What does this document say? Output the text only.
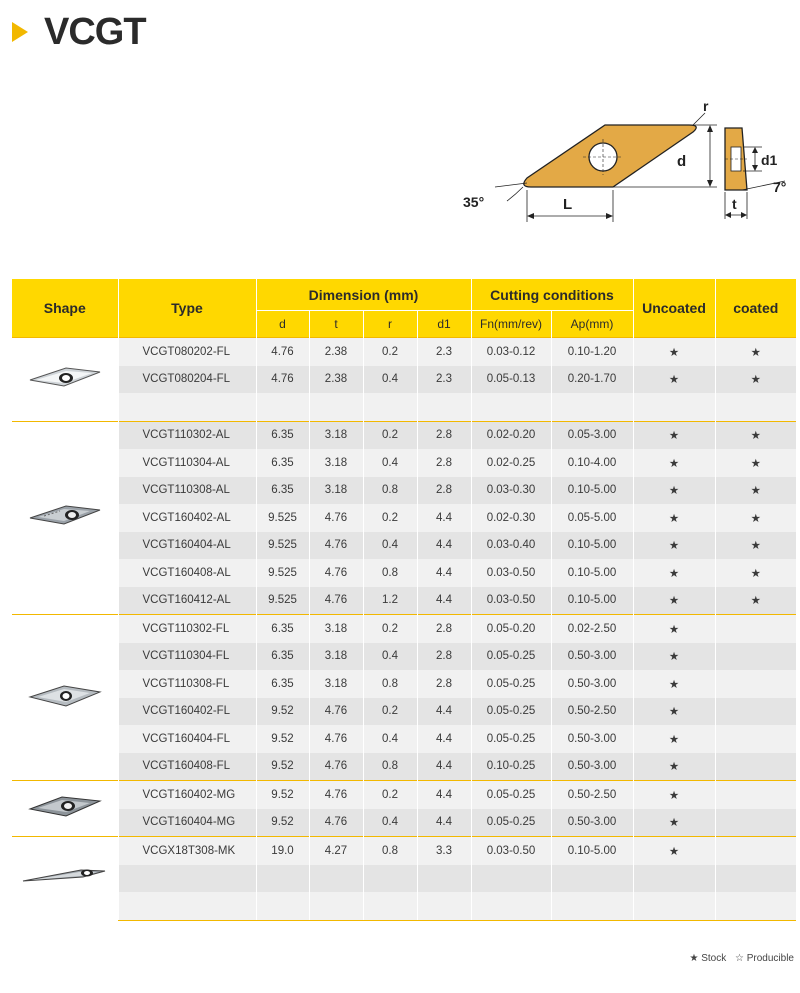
VCGT
d
r
L
35°
d1
7°
t
Shape	Type	Dimension (mm)				Cutting conditions		Uncoated	coated
		d	t	r	d1	Fn(mm/rev)	Ap(mm)		
	VCGT080202-FL	4.76	2.38	0.2	2.3	0.03-0.12	0.10-1.20	★	★
	VCGT080204-FL	4.76	2.38	0.4	2.3	0.05-0.13	0.20-1.70	★	★

	VCGT110302-AL	6.35	3.18	0.2	2.8	0.02-0.20	0.05-3.00	★	★
	VCGT110304-AL	6.35	3.18	0.4	2.8	0.02-0.25	0.10-4.00	★	★
	VCGT110308-AL	6.35	3.18	0.8	2.8	0.03-0.30	0.10-5.00	★	★
	VCGT160402-AL	9.525	4.76	0.2	4.4	0.02-0.30	0.05-5.00	★	★
	VCGT160404-AL	9.525	4.76	0.4	4.4	0.03-0.40	0.10-5.00	★	★
	VCGT160408-AL	9.525	4.76	0.8	4.4	0.03-0.50	0.10-5.00	★	★
	VCGT160412-AL	9.525	4.76	1.2	4.4	0.03-0.50	0.10-5.00	★	★
	VCGT110302-FL	6.35	3.18	0.2	2.8	0.05-0.20	0.02-2.50	★	
	VCGT110304-FL	6.35	3.18	0.4	2.8	0.05-0.25	0.50-3.00	★	
	VCGT110308-FL	6.35	3.18	0.8	2.8	0.05-0.25	0.50-3.00	★	
	VCGT160402-FL	9.52	4.76	0.2	4.4	0.05-0.25	0.50-2.50	★	
	VCGT160404-FL	9.52	4.76	0.4	4.4	0.05-0.25	0.50-3.00	★	
	VCGT160408-FL	9.52	4.76	0.8	4.4	0.10-0.25	0.50-3.00	★	
	VCGT160402-MG	9.52	4.76	0.2	4.4	0.05-0.25	0.50-2.50	★	
	VCGT160404-MG	9.52	4.76	0.4	4.4	0.05-0.25	0.50-3.00	★	
	VCGX18T308-MK	19.0	4.27	0.8	3.3	0.03-0.50	0.10-5.00	★	

★ Stock ☆ Producible
